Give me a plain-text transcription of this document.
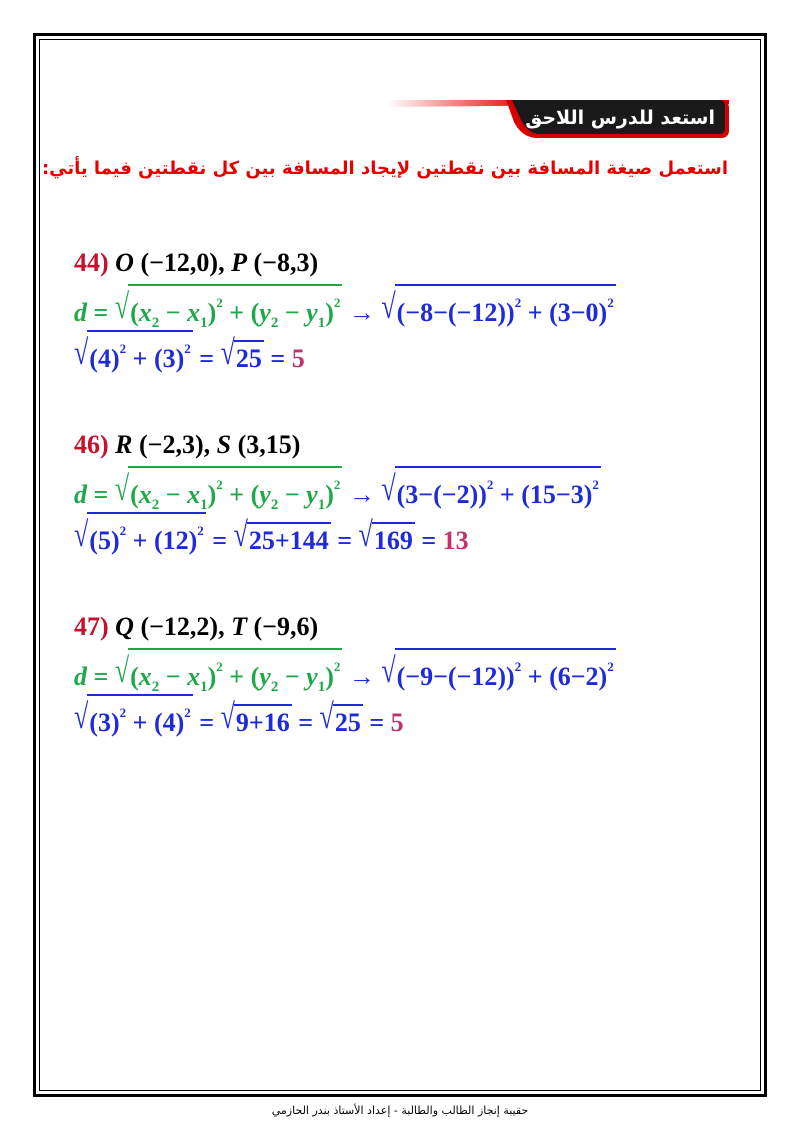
استعد للدرس اللاحق
استعمل صيغة المسافة بين نقطتين لإيجاد المسافة بين كل نقطتين فيما يأتي:
44) O (−12,0), P (−8,3)
$d = √(x_2 - x_1)^2 + (y_2 - y_1)^2 \to √(-8-(-12))^2 + (3-0)^2$
$√(4)^2 + (3)^2 = √25 = 5$
46) R (−2,3), S (3,15)
$d = √(x_2 - x_1)^2 + (y_2 - y_1)^2 \to √(3-(-2))^2 + (15-3)^2$
$√(5)^2 + (12)^2 = √25+144 = √169 = 13$
47) Q (−12,2), T (−9,6)
$d = √(x_2 - x_1)^2 + (y_2 - y_1)^2 \to √(-9-(-12))^2 + (6-2)^2$
$√(3)^2 + (4)^2 = √9+16 = √25 = 5$
حقيبة إنجاز الطالب والطالبة - إعداد الأستاذ بندر الحازمي
